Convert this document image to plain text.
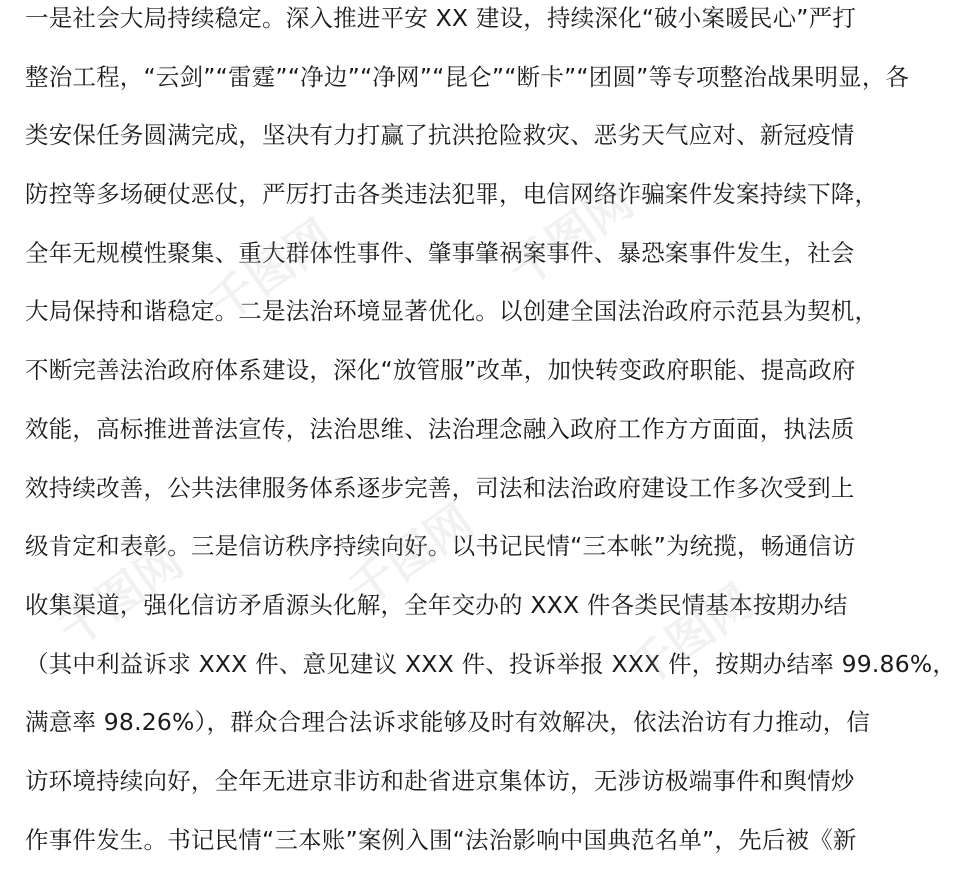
一是社会大局持续稳定。深入推进平安 XX 建设，持续深化“破小案暖民心”严打
整治工程，“云剑”“雷霆”“净边”“净网”“昆仑”“断卡”“团圆”等专项整治战果明显，各
类安保任务圆满完成，坚决有力打赢了抗洪抢险救灾、恶劣天气应对、新冠疫情
防控等多场硬仗恶仗，严厉打击各类违法犯罪，电信网络诈骗案件发案持续下降，
全年无规模性聚集、重大群体性事件、肇事肇祸案事件、暴恐案事件发生，社会
大局保持和谐稳定。二是法治环境显著优化。以创建全国法治政府示范县为契机，
不断完善法治政府体系建设，深化“放管服”改革，加快转变政府职能、提高政府
效能，高标推进普法宣传，法治思维、法治理念融入政府工作方方面面，执法质
效持续改善，公共法律服务体系逐步完善，司法和法治政府建设工作多次受到上
级肯定和表彰。三是信访秩序持续向好。以书记民情“三本帐”为统揽，畅通信访
收集渠道，强化信访矛盾源头化解，全年交办的 XXX 件各类民情基本按期办结
（其中利益诉求 XXX 件、意见建议 XXX 件、投诉举报 XXX 件，按期办结率 99.86%，
满意率 98.26%），群众合理合法诉求能够及时有效解决，依法治访有力推动，信
访环境持续向好，全年无进京非访和赴省进京集体访，无涉访极端事件和舆情炒
作事件发生。书记民情“三本账”案例入围“法治影响中国典范名单”，先后被《新
千图网	千图网
千图网	千图网
千图网
